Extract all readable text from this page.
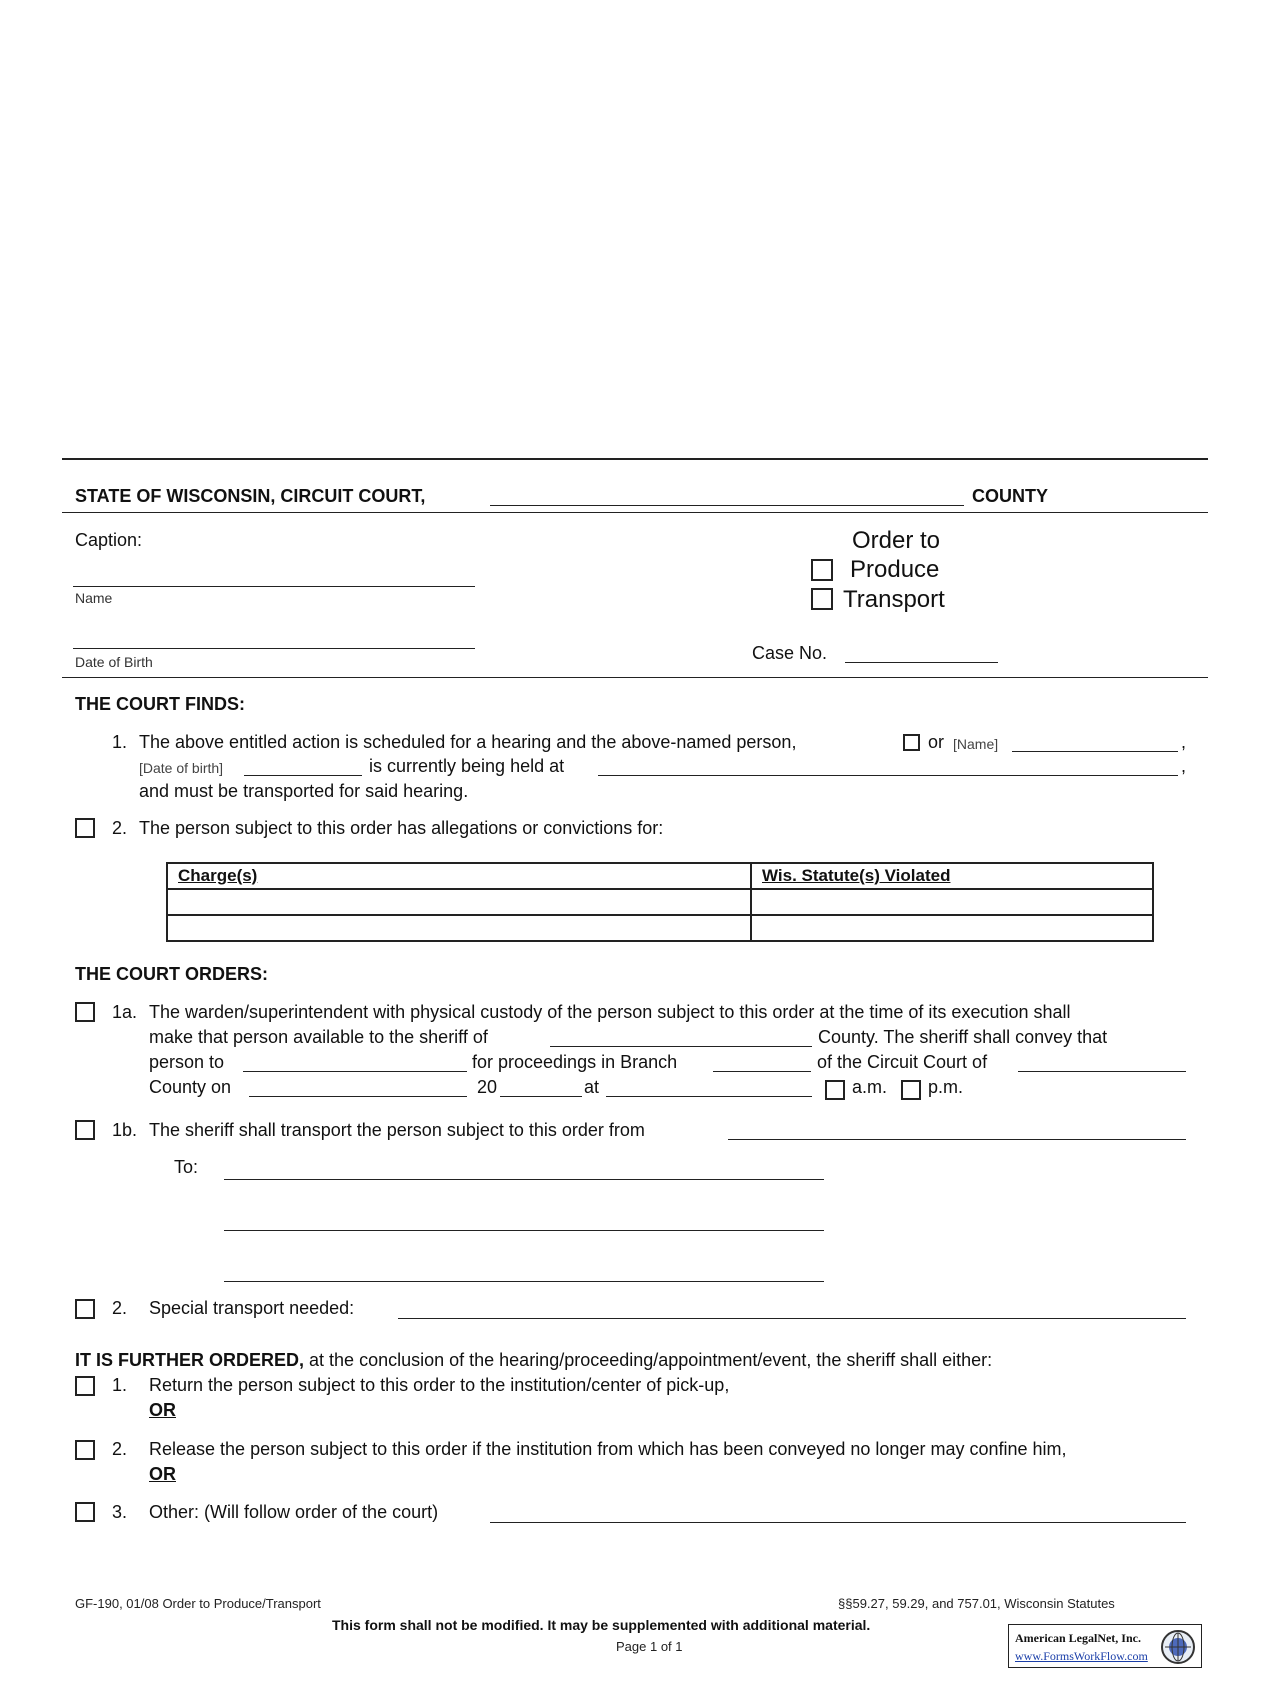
STATE OF WISCONSIN, CIRCUIT COURT,	COUNTY
Caption:
Name
Date of Birth
Order to
Produce
Transport
Case No.
THE COURT FINDS:
1. The above entitled action is scheduled for a hearing and the above-named person,	or [Name]	,
[Date of birth]	is currently being held at	,
and must be transported for said hearing.
2. The person subject to this order has allegations or convictions for:
Charge(s)	Wis. Statute(s) Violated

THE COURT ORDERS:
1a. The warden/superintendent with physical custody of the person subject to this order at the time of its execution shall
make that person available to the sheriff of	County. The sheriff shall convey that
person to	for proceedings in Branch	of the Circuit Court of
County on	20	at	a.m. p.m.
1b. The sheriff shall transport the person subject to this order from
To:
2. Special transport needed:
IT IS FURTHER ORDERED, at the conclusion of the hearing/proceeding/appointment/event, the sheriff shall either:
1. Return the person subject to this order to the institution/center of pick-up,
OR
2. Release the person subject to this order if the institution from which has been conveyed no longer may confine him,
OR
3. Other: (Will follow order of the court)
GF-190, 01/08 Order to Produce/Transport	§§59.27, 59.29, and 757.01, Wisconsin Statutes
This form shall not be modified. It may be supplemented with additional material.
Page 1 of 1
American LegalNet, Inc.
www.FormsWorkFlow.com
